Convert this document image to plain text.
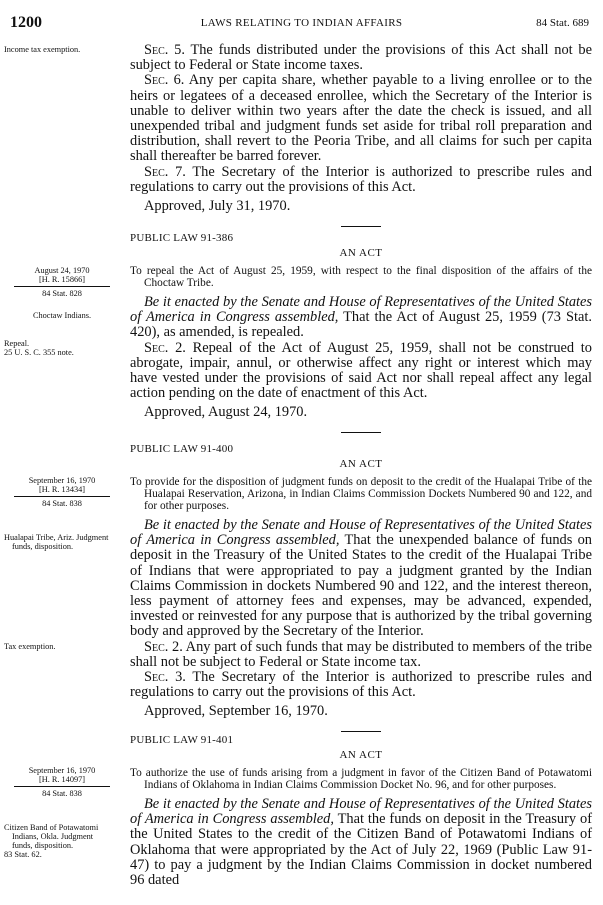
1200	LAWS RELATING TO INDIAN AFFAIRS	84 Stat. 689
Income tax exemption.
August 24, 1970
[H. R. 15866]
84 Stat. 828
Choctaw Indians.
Repeal.
25 U. S. C. 355 note.
September 16, 1970
[H. R. 13434]
84 Stat. 838
Hualapai Tribe, Ariz. Judgment funds, disposition.
Tax exemption.
September 16, 1970
[H. R. 14097]
84 Stat. 838
Citizen Band of Potawatomi Indians, Okla. Judgment funds, disposition.
83 Stat. 62.

Sec. 5. The funds distributed under the provisions of this Act shall not be subject to Federal or State income taxes.

Sec. 6. Any per capita share, whether payable to a living enrollee or to the heirs or legatees of a deceased enrollee, which the Secretary of the Interior is unable to deliver within two years after the date the check is issued, and all unexpended tribal and judgment funds set aside for tribal roll preparation and distribution, shall revert to the Peoria Tribe, and all claims for such per capita shall thereafter be barred forever.

Sec. 7. The Secretary of the Interior is authorized to prescribe rules and regulations to carry out the provisions of this Act.

Approved, July 31, 1970.
PUBLIC LAW 91-386
AN ACT
To repeal the Act of August 25, 1959, with respect to the final disposition of the affairs of the Choctaw Tribe.

Be it enacted by the Senate and House of Representatives of the United States of America in Congress assembled, That the Act of August 25, 1959 (73 Stat. 420), as amended, is repealed.

Sec. 2. Repeal of the Act of August 25, 1959, shall not be construed to abrogate, impair, annul, or otherwise affect any right or interest which may have vested under the provisions of said Act nor shall repeal affect any legal action pending on the date of enactment of this Act.

Approved, August 24, 1970.
PUBLIC LAW 91-400
AN ACT
To provide for the disposition of judgment funds on deposit to the credit of the Hualapai Tribe of the Hualapai Reservation, Arizona, in Indian Claims Commission Dockets Numbered 90 and 122, and for other purposes.

Be it enacted by the Senate and House of Representatives of the United States of America in Congress assembled, That the unexpended balance of funds on deposit in the Treasury of the United States to the credit of the Hualapai Tribe of Indians that were appropriated to pay a judgment granted by the Indian Claims Commission in dockets Numbered 90 and 122, and the interest thereon, less payment of attorney fees and expenses, may be advanced, expended, invested or reinvested for any purpose that is authorized by the tribal governing body and approved by the Secretary of the Interior.

Sec. 2. Any part of such funds that may be distributed to members of the tribe shall not be subject to Federal or State income tax.

Sec. 3. The Secretary of the Interior is authorized to prescribe rules and regulations to carry out the provisions of this Act.

Approved, September 16, 1970.
PUBLIC LAW 91-401
AN ACT
To authorize the use of funds arising from a judgment in favor of the Citizen Band of Potawatomi Indians of Oklahoma in Indian Claims Commission Docket No. 96, and for other purposes.

Be it enacted by the Senate and House of Representatives of the United States of America in Congress assembled, That the funds on deposit in the Treasury of the United States to the credit of the Citizen Band of Potawatomi Indians of Oklahoma that were appropriated by the Act of July 22, 1969 (Public Law 91-47) to pay a judgment by the Indian Claims Commission in docket numbered 96 dated
